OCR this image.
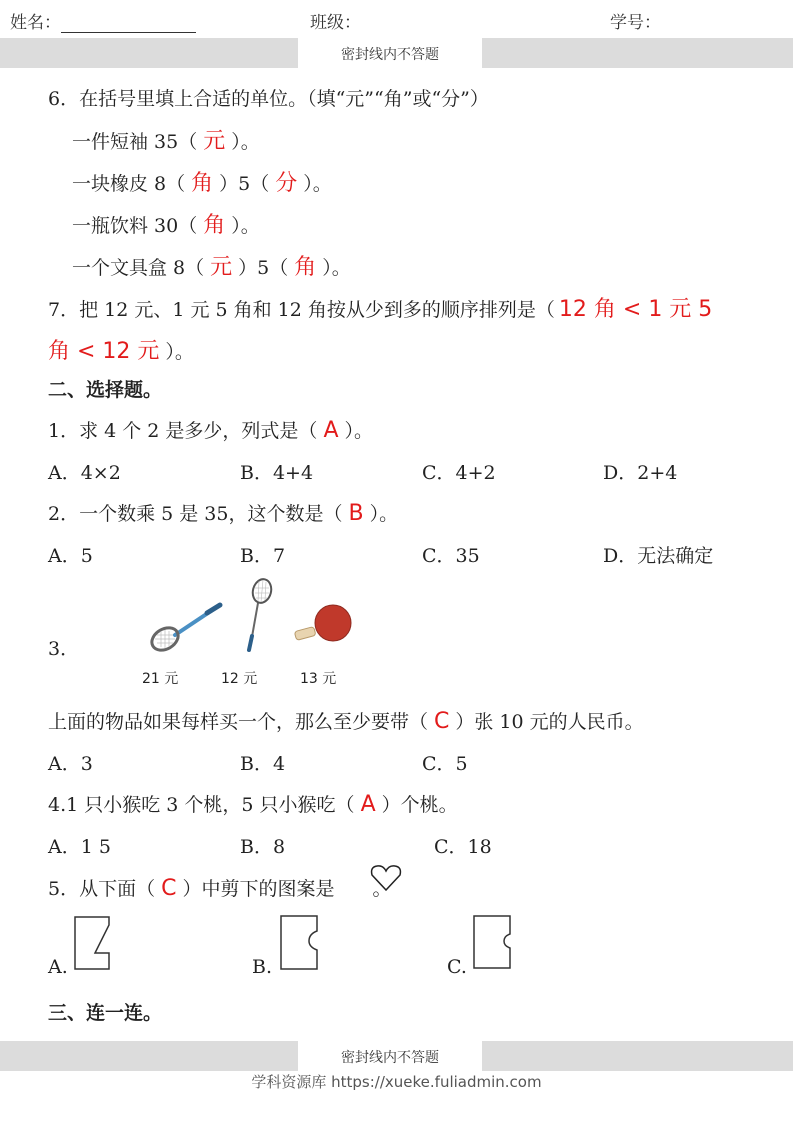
姓名：	班级：	学号：
密封线内不答题
6．在括号里填上合适的单位。（填“元”“角”或“分”）
一件短袖 35（ 元 ）。
一块橡皮 8（ 角 ）5（ 分 ）。
一瓶饮料 30（ 角 ）。
一个文具盒 8（ 元 ）5（ 角 ）。
7．把 12 元、1 元 5 角和 12 角按从少到多的顺序排列是（ 12 角 < 1 元 5
角 < 12 元 ）。
二、选择题。
1．求 4 个 2 是多少，列式是（ A ）。
A．4×2	B．4+4	C．4+2	D．2+4
2．一个数乘 5 是 35，这个数是（ B ）。
A．5	B．7	C．35	D．无法确定
3．
21 元	12 元	13 元
上面的物品如果每样买一个，那么至少要带（ C ）张 10 元的人民币。
A．3	B．4	C．5
4.1 只小猴吃 3 个桃，5 只小猴吃（ A ）个桃。
A．1 5	B．8	C．18
5．从下面（ C ）中剪下的图案是 。
A.	B.	C.
三、连一连。
密封线内不答题
学科资源库 https://xueke.fuliadmin.com
